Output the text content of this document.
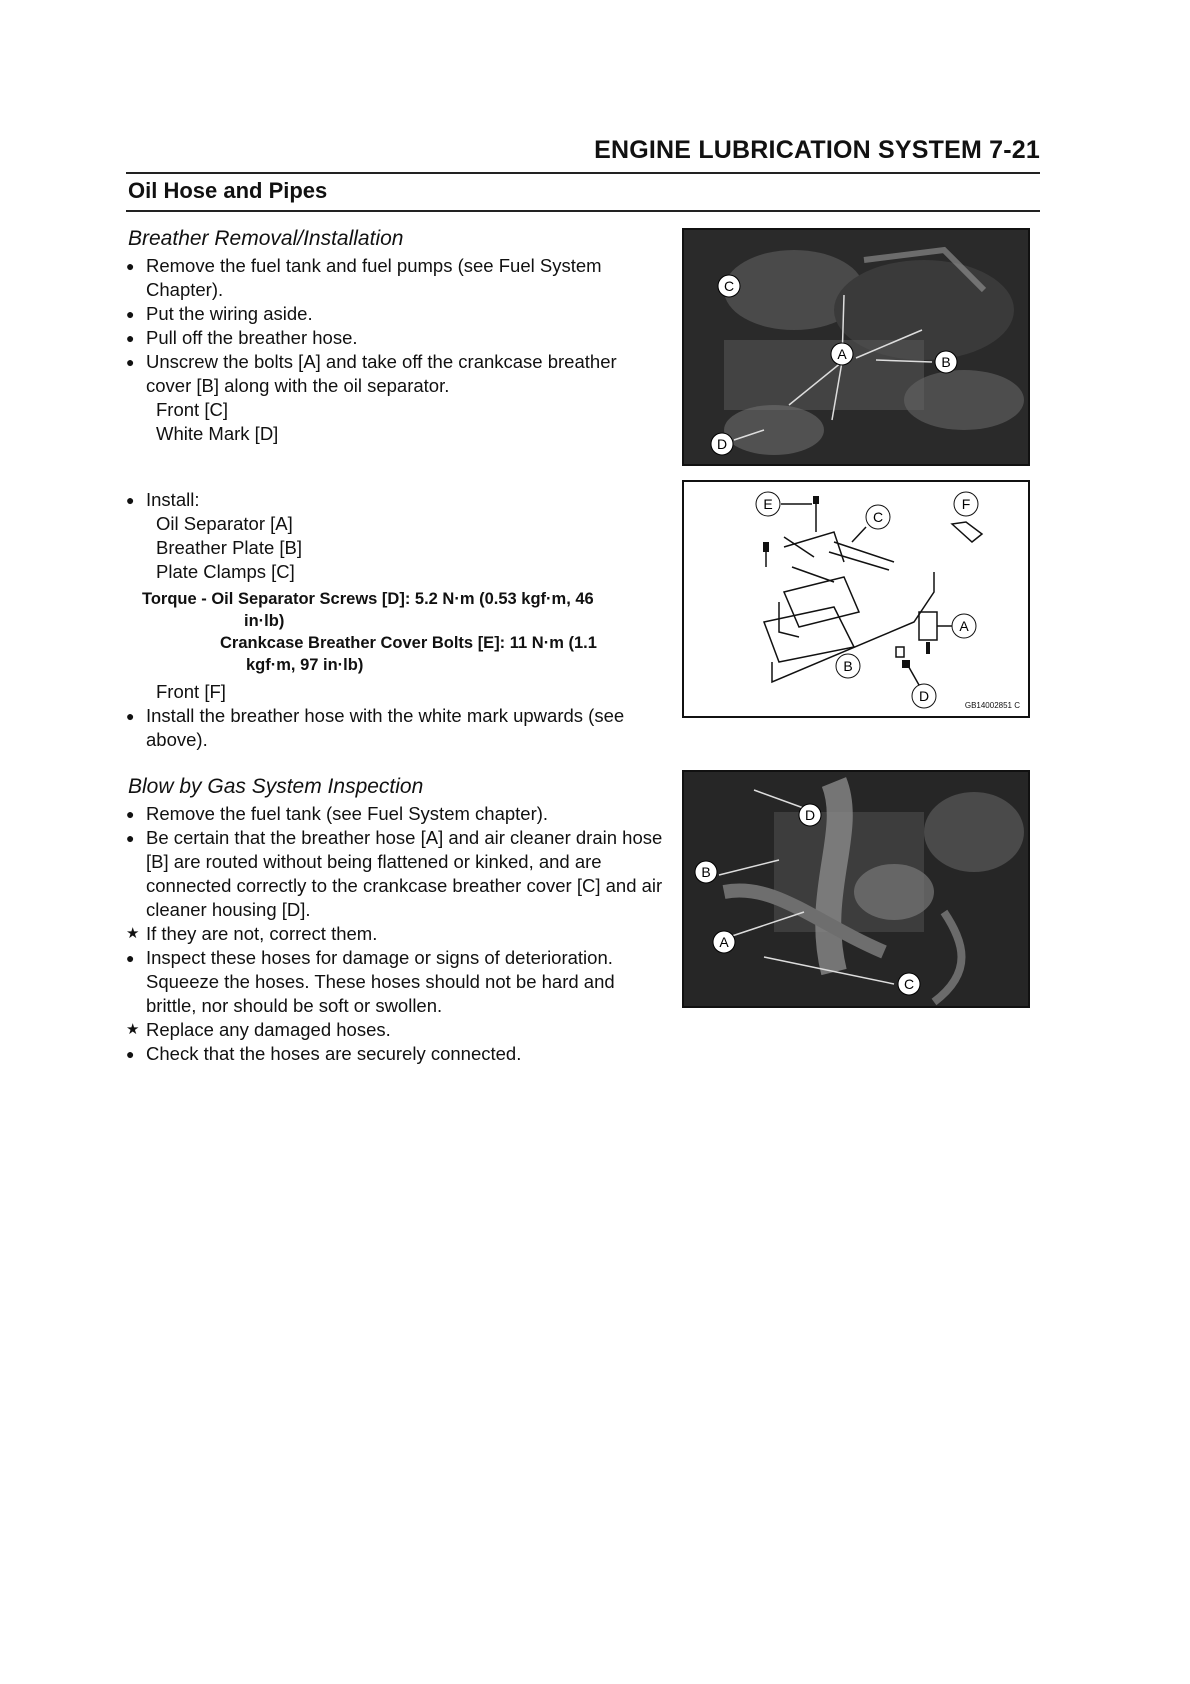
ENGINE LUBRICATION SYSTEM 7-21
Oil Hose and Pipes
Breather Removal/Installation
● Remove the fuel tank and fuel pumps (see Fuel System Chapter).
● Put the wiring aside.
● Pull off the breather hose.
● Unscrew the bolts [A] and take off the crankcase breather cover [B] along with the oil separator.
Front [C]
White Mark [D]
● Install:
Oil Separator [A]
Breather Plate [B]
Plate Clamps [C]
Torque - Oil Separator Screws [D]: 5.2 N·m (0.53 kgf·m, 46
in·lb)
Crankcase Breather Cover Bolts [E]: 11 N·m (1.1
kgf·m, 97 in·lb)
Front [F]
● Install the breather hose with the white mark upwards (see above).
Blow by Gas System Inspection
● Remove the fuel tank (see Fuel System chapter).
● Be certain that the breather hose [A] and air cleaner drain hose [B] are routed without being flattened or kinked, and are connected correctly to the crankcase breather cover [C] and air cleaner housing [D].
★ If they are not, correct them.
● Inspect these hoses for damage or signs of deterioration. Squeeze the hoses. These hoses should not be hard and brittle, nor should be soft or swollen.
★ Replace any damaged hoses.
● Check that the hoses are securely connected.
C
A	B
D
E
C
F
A
B
D
GB14002851 C
D
B
A
C
